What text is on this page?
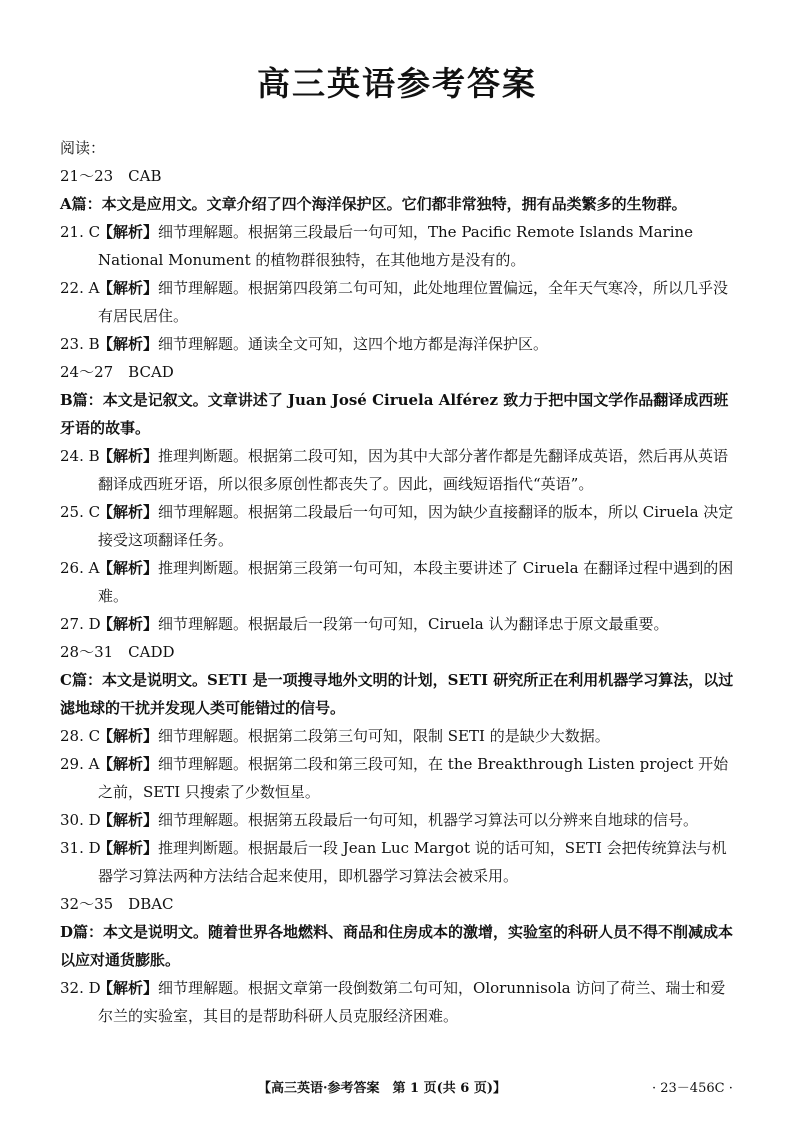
高三英语参考答案
阅读：
21～23　CAB
A篇：本文是应用文。文章介绍了四个海洋保护区。它们都非常独特，拥有品类繁多的生物群。
21. C
【解析】细节理解题。根据第三段最后一句可知，The Pacific Remote Islands Marine National Monument 的植物群很独特，在其他地方是没有的。
22. A
【解析】细节理解题。根据第四段第二句可知，此处地理位置偏远，全年天气寒冷，所以几乎没有居民居住。
23. B
【解析】细节理解题。通读全文可知，这四个地方都是海洋保护区。
24～27　BCAD
B篇：本文是记叙文。文章讲述了 Juan José Ciruela Alférez 致力于把中国文学作品翻译成西班牙语的故事。
24. B
【解析】推理判断题。根据第二段可知，因为其中大部分著作都是先翻译成英语，然后再从英语翻译成西班牙语，所以很多原创性都丧失了。因此，画线短语指代“英语”。
25. C
【解析】细节理解题。根据第二段最后一句可知，因为缺少直接翻译的版本，所以 Ciruela 决定接受这项翻译任务。
26. A
【解析】推理判断题。根据第三段第一句可知，本段主要讲述了 Ciruela 在翻译过程中遇到的困难。
27. D
【解析】细节理解题。根据最后一段第一句可知，Ciruela 认为翻译忠于原文最重要。
28～31　CADD
C篇：本文是说明文。SETI 是一项搜寻地外文明的计划，SETI 研究所正在利用机器学习算法，以过滤地球的干扰并发现人类可能错过的信号。
28. C
【解析】细节理解题。根据第二段第三句可知，限制 SETI 的是缺少大数据。
29. A
【解析】细节理解题。根据第二段和第三段可知，在 the Breakthrough Listen project 开始之前，SETI 只搜索了少数恒星。
30. D
【解析】细节理解题。根据第五段最后一句可知，机器学习算法可以分辨来自地球的信号。
31. D
【解析】推理判断题。根据最后一段 Jean Luc Margot 说的话可知，SETI 会把传统算法与机器学习算法两种方法结合起来使用，即机器学习算法会被采用。
32～35　DBAC
D篇：本文是说明文。随着世界各地燃料、商品和住房成本的激增，实验室的科研人员不得不削减成本以应对通货膨胀。
32. D
【解析】细节理解题。根据文章第一段倒数第二句可知，Olorunnisola 访问了荷兰、瑞士和爱尔兰的实验室，其目的是帮助科研人员克服经济困难。
【高三英语·参考答案　第 1 页(共 6 页)】	· 23－456C ·
